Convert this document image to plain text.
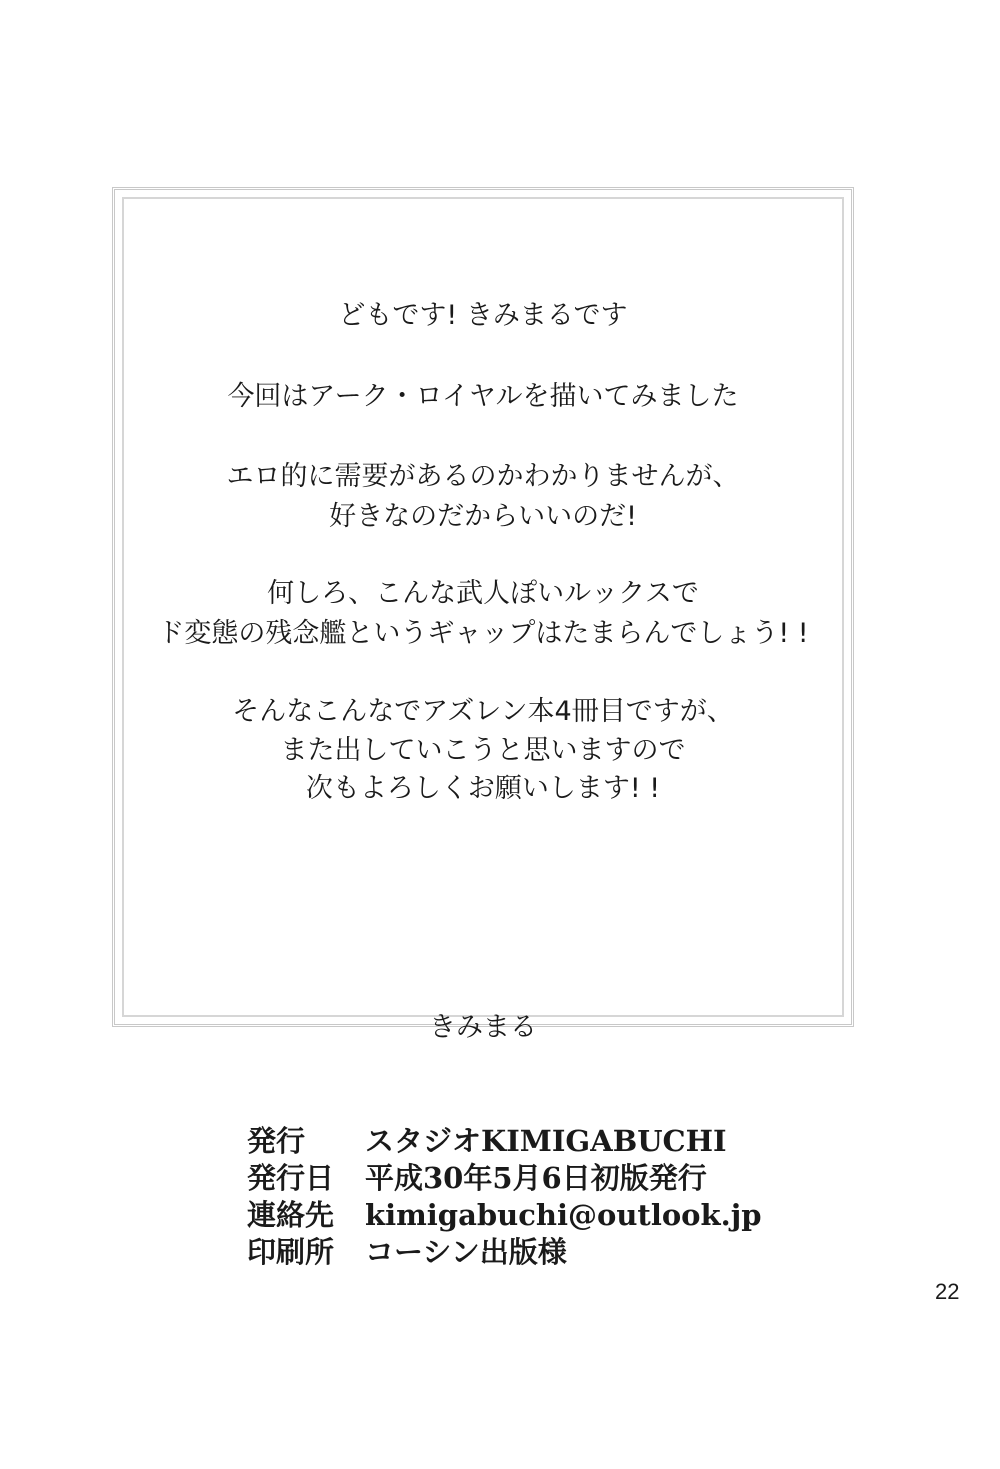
どもです! きみまるです
今回はアーク・ロイヤルを描いてみました
エロ的に需要があるのかわかりませんが、
好きなのだからいいのだ!
何しろ、こんな武人ぽいルックスで
ド変態の残念艦というギャップはたまらんでしょう! !
そんなこんなでアズレン本4冊目ですが、
また出していこうと思いますので
次もよろしくお願いします! !
きみまる
発行	スタジオKIMIGABUCHI
発行日	平成30年5月6日初版発行
連絡先	kimigabuchi@outlook.jp
印刷所	コーシン出版様
22
